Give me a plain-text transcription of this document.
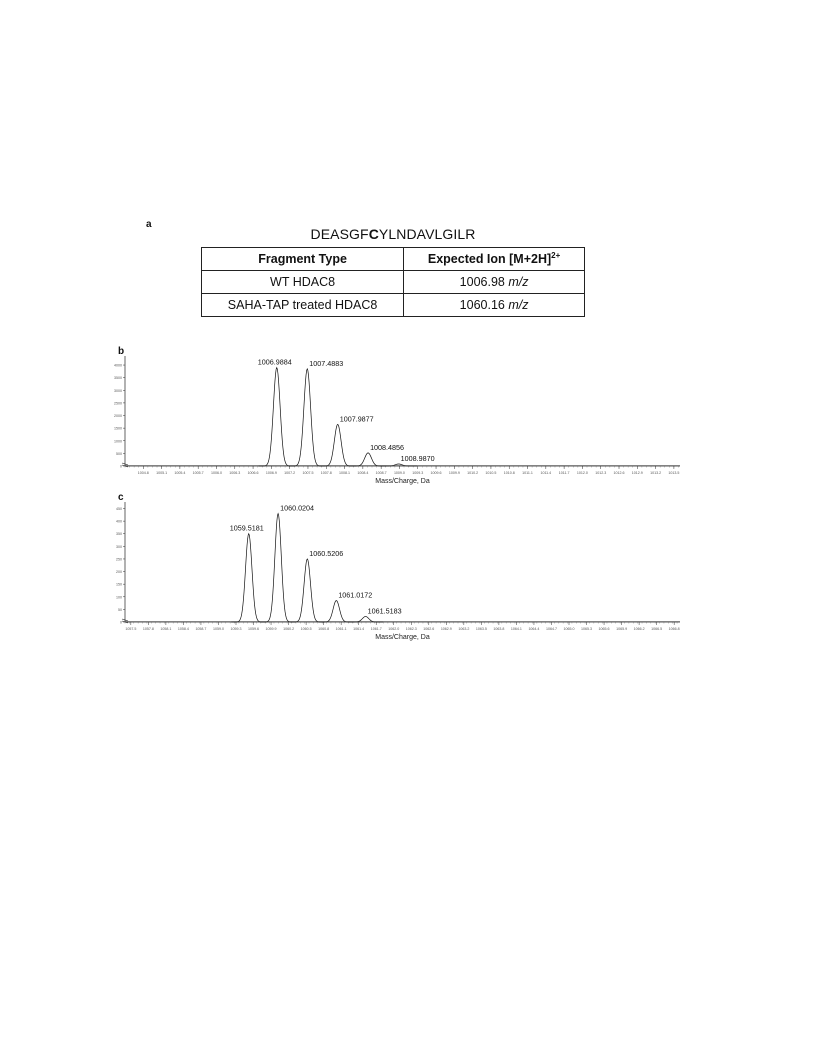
a
DEASGFCYLNDAVLGILR
Fragment Type	Expected Ion $[M+2H]^{2+}$
WT HDAC8	1006.98 m/z
SAHA-TAP treated HDAC8	1060.16 m/z
b
0
500
1000
1500
2000
2500
3000
3500
4000
1004.8 1005.1 1005.4 1005.7 1006.0 1006.3 1006.6 1006.9 1007.2 1007.5 1007.8 1008.1 1008.4 1008.7 1009.0 1009.3 1009.6 1009.9 1010.2 1010.5 1010.8 1011.1 1011.4 1011.7 1012.0 1012.3 1012.6 1012.9 1013.2 1013.5
Mass/Charge, Da
1006.9884 1007.4883
1007.9877
1008.4856
1008.9870
c
0
50
100
150
200
250
300
350
400
450
1057.5 1057.8 1058.1 1058.4 1058.7 1059.0 1059.3 1059.6 1059.9 1060.2 1060.5 1060.8 1061.1 1061.4 1061.7 1062.0 1062.3 1062.6 1062.9 1063.2 1063.5 1063.8 1064.1 1064.4 1064.7 1065.0 1065.3 1065.6 1065.9 1066.2 1066.5 1066.8
Mass/Charge, Da
1059.5181
1060.0204
1060.5206
1061.0172
1061.5183
